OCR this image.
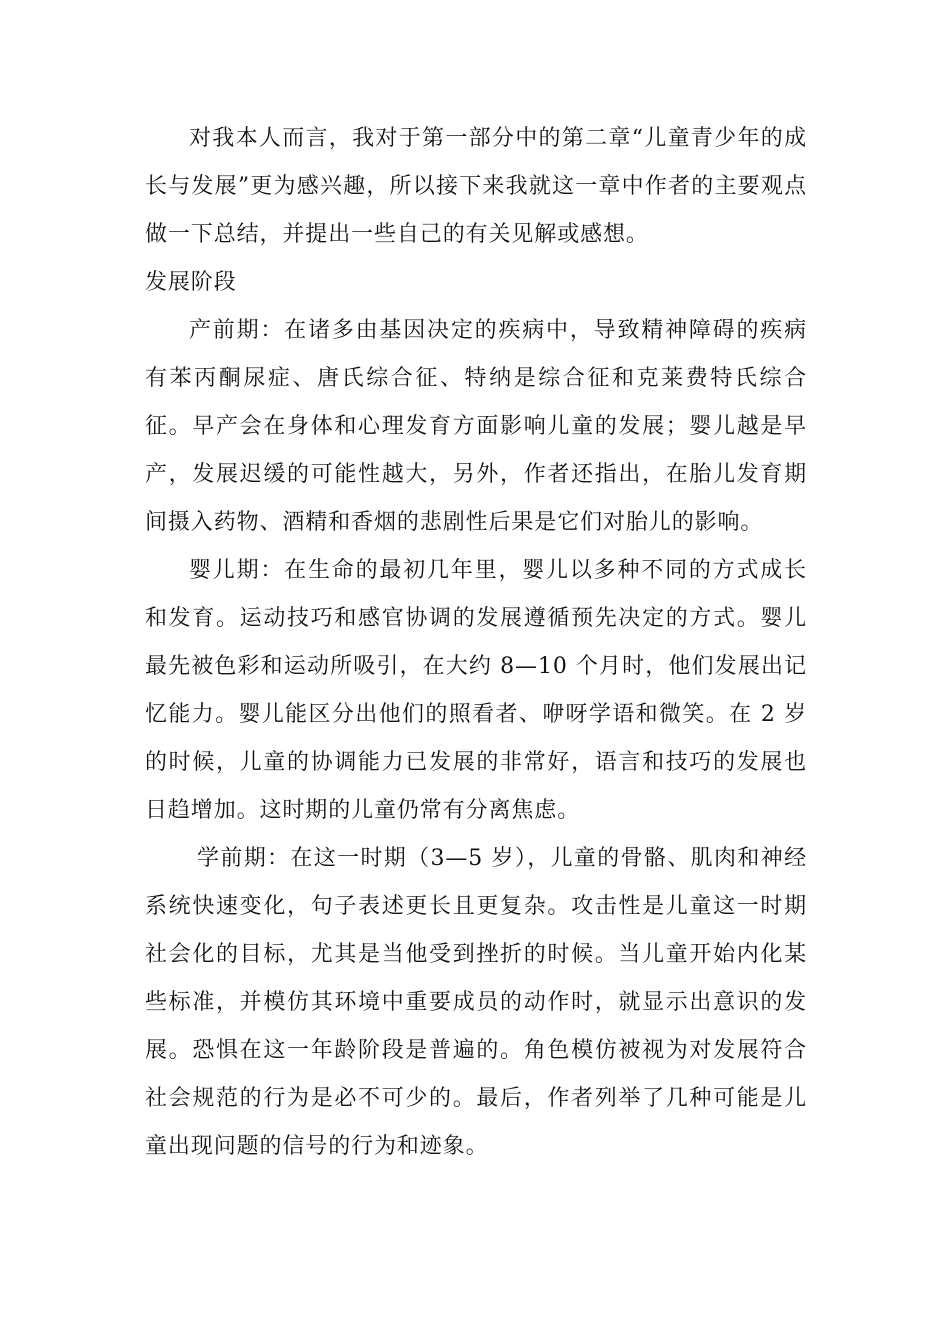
对我本人而言，我对于第一部分中的第二章“儿童青少年的成长与发展”更为感兴趣，所以接下来我就这一章中作者的主要观点做一下总结，并提出一些自己的有关见解或感想。

发展阶段

产前期：在诸多由基因决定的疾病中，导致精神障碍的疾病有苯丙酮尿症、唐氏综合征、特纳是综合征和克莱费特氏综合征。早产会在身体和心理发育方面影响儿童的发展；婴儿越是早产，发展迟缓的可能性越大，另外，作者还指出，在胎儿发育期间摄入药物、酒精和香烟的悲剧性后果是它们对胎儿的影响。

婴儿期：在生命的最初几年里，婴儿以多种不同的方式成长和发育。运动技巧和感官协调的发展遵循预先决定的方式。婴儿最先被色彩和运动所吸引，在大约 8—10 个月时，他们发展出记忆能力。婴儿能区分出他们的照看者、咿呀学语和微笑。在 2 岁的时候，儿童的协调能力已发展的非常好，语言和技巧的发展也日趋增加。这时期的儿童仍常有分离焦虑。

学前期：在这一时期（3—5 岁），儿童的骨骼、肌肉和神经系统快速变化，句子表述更长且更复杂。攻击性是儿童这一时期社会化的目标，尤其是当他受到挫折的时候。当儿童开始内化某些标准，并模仿其环境中重要成员的动作时，就显示出意识的发展。恐惧在这一年龄阶段是普遍的。角色模仿被视为对发展符合社会规范的行为是必不可少的。最后，作者列举了几种可能是儿童出现问题的信号的行为和迹象。
